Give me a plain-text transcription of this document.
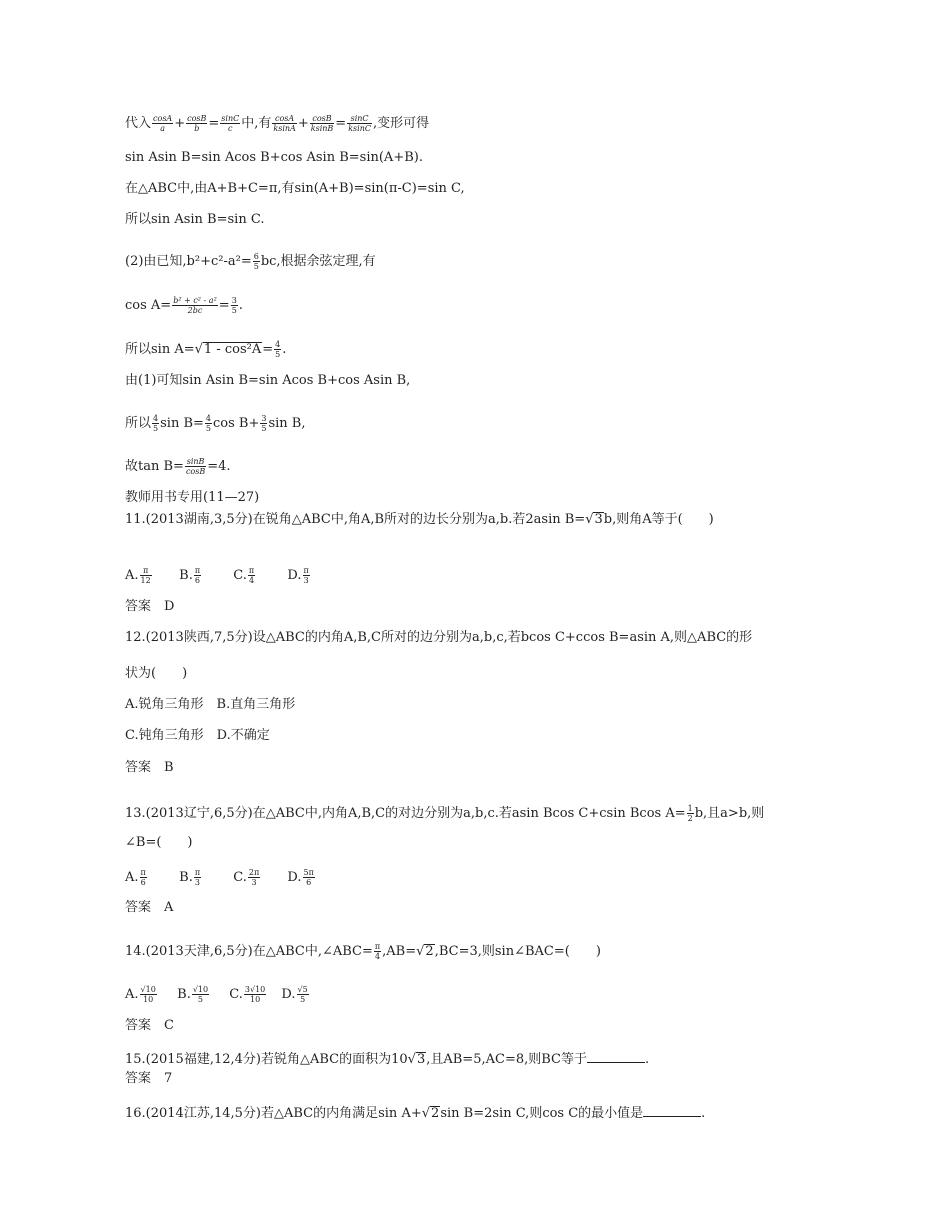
代入 $\frac{\cos A}{a} + \frac{\cos B}{b} = \frac{\sin C}{c}$ 中,有 $\frac{\cos A}{ksinA} + \frac{\cos B}{ksinB} = \frac{\sin C}{ksinC}$ ,变形可得
sin Asin B=sin Acos B+cos Asin B=sin(A+B).
在△ABC中,由A+B+C=π,有sin(A+B)=sin(π-C)=sin C,
所以sin Asin B=sin C.
(2)由已知$,b^2+c^2-a^2= \frac{6}{5}$ bc,根据余弦定理,有
$\cos A= \frac{\text{b² + c² - a²}}{2bc} = \frac{3}{5}$ .
所以$\sin A=√1 - \cos^2A= \frac{4}{5}$ .
由(1)可知sin Asin B=sin Acos B+cos Asin B,
所以 $\frac{4}{5}$ $\sin B= \frac{4}{5}$ $\cos B+ \frac{3}{5}$ sin B,
故$\tan B= \frac{\sin B}{\cos B} =4$.
教师用书专用(11—27)
11.(2013湖南,3,5分)在锐角△ABC中,角A,B所对的边长分别为a,b.若2asin B=√3b,则角A等于(　　)
A. $\frac{\pi}{12} B$. $\frac{\pi}{6} C$. $\frac{\pi}{4} D$. $\frac{\pi}{3}$
答案　D
12.(2013陕西,7,5分)设△ABC的内角A,B,C所对的边分别为a,b,c,若bcos C+ccos B=asin A,则△ABC的形
状为(　　)
A.锐角三角形　B.直角三角形
C.钝角三角形　D.不确定
答案　B
13.(2013辽宁,6,5分)在△ABC中,内角A,B,C的对边分别为a,b,c.若asin Bcos C+csin Bcos $A= \frac{1}{2} b$,且a>b,则
∠B=(　　)
A. $\frac{\pi}{6} B$. $\frac{\pi}{3} C$. $\frac{2\pi}{3} D$. $\frac{5\pi}{6}$
答案　A
14.(2013天津,6,5分)在△ABC中,∠ABC= $\frac{\pi}{4} ,AB=√2,BC=3$,则sin∠BAC=(　　)
A. $\frac{√10}{10} B$. $\frac{√10}{5} C$. $\frac{3√10}{10} D$. $\frac{√5}{5}$
答案　C
15.(2015福建,12,4分)若锐角△ABC的面积为10√3,且AB=5,AC=8,则BC等于	.
答案　7
16.(2014江苏,14,5分)若△ABC的内角满足sin A+√2sin B=2sin C,则cos C的最小值是	.
